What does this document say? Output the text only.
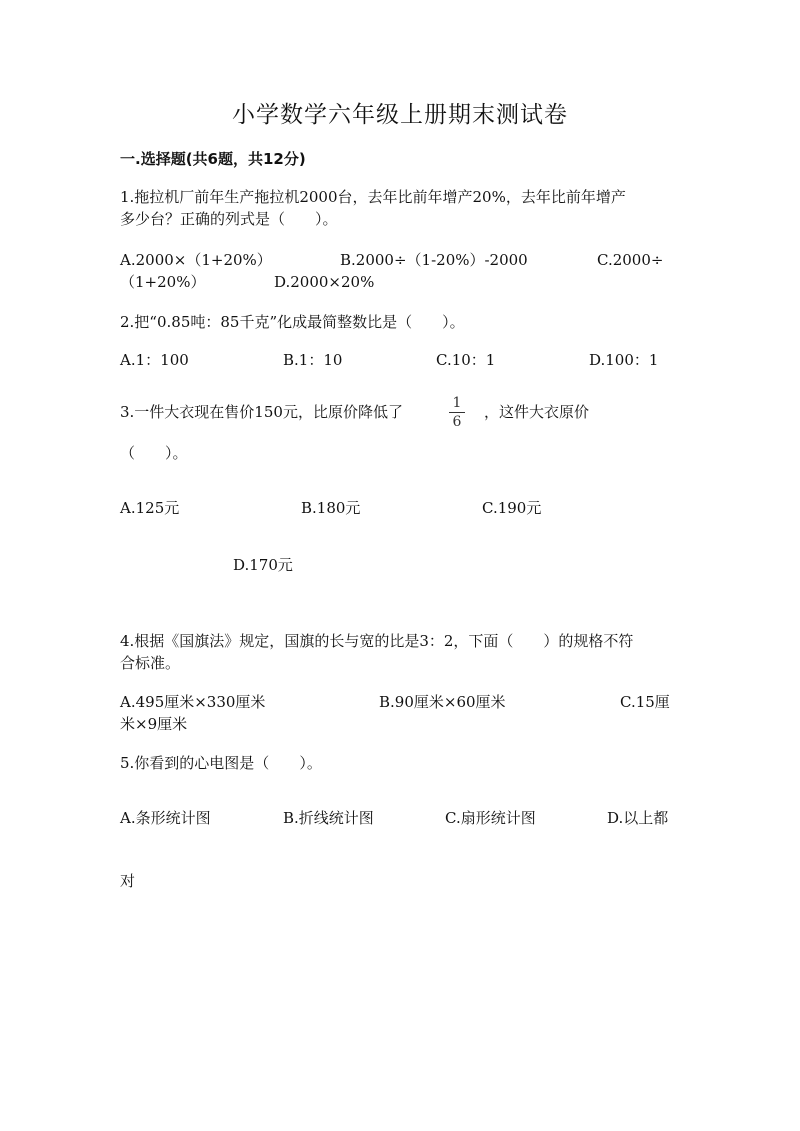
小学数学六年级上册期末测试卷
一.选择题(共6题，共12分)
1.拖拉机厂前年生产拖拉机2000台，去年比前年增产20%，去年比前年增产
多少台？正确的列式是（　　）。
A.2000×（1+20%）	B.2000÷（1-20%）-2000	C.2000÷
（1+20%）	D.2000×20%
2.把“0.85吨：85千克”化成最简整数比是（　　）。
A.1：100	B.1：10	C.10：1	D.100：1
3.一件大衣现在售价150元，比原价降低了	1
6
，这件大衣原价
（　　）。
A.125元	B.180元	C.190元
D.170元
4.根据《国旗法》规定，国旗的长与宽的比是3：2，下面（　　）的规格不符
合标准。
A.495厘米×330厘米	B.90厘米×60厘米	C.15厘
米×9厘米
5.你看到的心电图是（　　）。
A.条形统计图	B.折线统计图	C.扇形统计图	D.以上都
对
